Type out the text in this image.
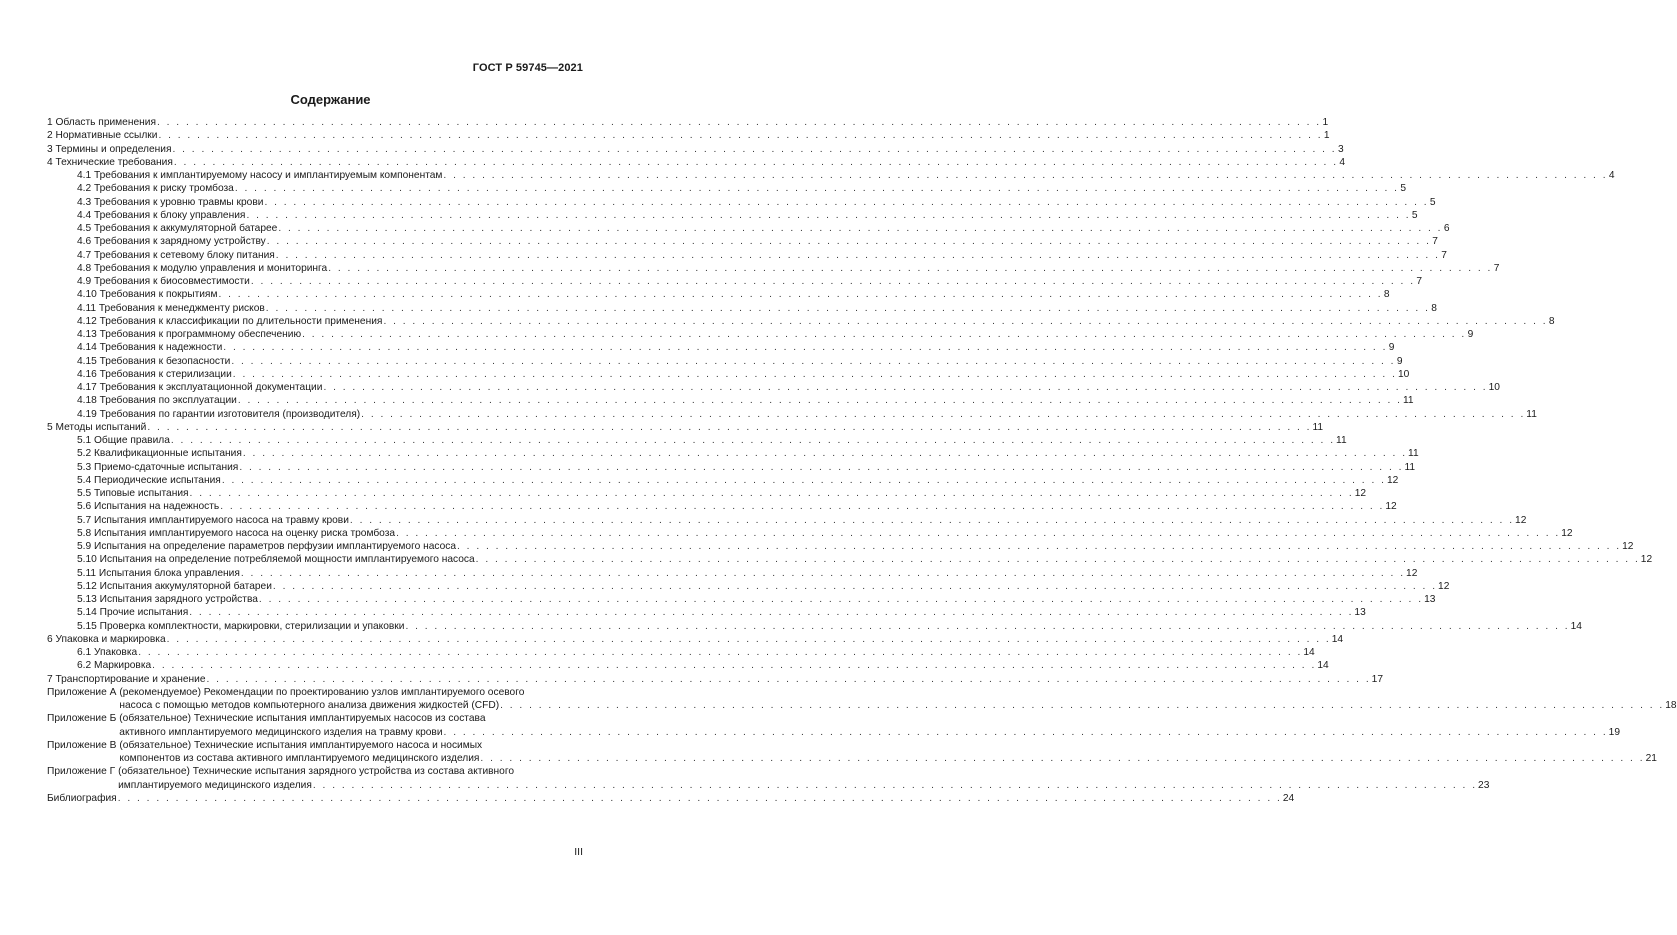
ГОСТ Р 59745—2021
Содержание
1 Область применения . . .	1
2 Нормативные ссылки . . .	1
3 Термины и определения . . .	3
4 Технические требования . . .	4
4.1 Требования к имплантируемому насосу и имплантируемым компонентам . . .	4
4.2 Требования к риску тромбоза . . .	5
4.3 Требования к уровню травмы крови . . .	5
4.4 Требования к блоку управления . . .	5
4.5 Требования к аккумуляторной батарее . . .	6
4.6 Требования к зарядному устройству . . .	7
4.7 Требования к сетевому блоку питания . . .	7
4.8 Требования к модулю управления и мониторинга . . .	7
4.9 Требования к биосовместимости . . .	7
4.10 Требования к покрытиям . . .	8
4.11 Требования к менеджменту рисков . . .	8
4.12 Требования к классификации по длительности применения . . .	8
4.13 Требования к программному обеспечению . . .	9
4.14 Требования к надежности . . .	9
4.15 Требования к безопасности . . .	9
4.16 Требования к стерилизации . . .	10
4.17 Требования к эксплуатационной документации . . .	10
4.18 Требования по эксплуатации . . .	11
4.19 Требования по гарантии изготовителя (производителя) . . .	11
5 Методы испытаний . . .	11
5.1 Общие правила . . .	11
5.2 Квалификационные испытания . . .	11
5.3 Приемо-сдаточные испытания . . .	11
5.4 Периодические испытания . . .	12
5.5 Типовые испытания . . .	12
5.6 Испытания на надежность . . .	12
5.7 Испытания имплантируемого насоса на травму крови . . .	12
5.8 Испытания имплантируемого насоса на оценку риска тромбоза . . .	12
5.9 Испытания на определение параметров перфузии имплантируемого насоса . . .	12
5.10 Испытания на определение потребляемой мощности имплантируемого насоса . . .	12
5.11 Испытания блока управления . . .	12
5.12 Испытания аккумуляторной батареи . . .	12
5.13 Испытания зарядного устройства . . .	13
5.14 Прочие испытания . . .	13
5.15 Проверка комплектности, маркировки, стерилизации и упаковки . . .	14
6 Упаковка и маркировка . . .	14
6.1 Упаковка . . .	14
6.2 Маркировка . . .	14
7 Транспортирование и хранение . . .	17
Приложение А (рекомендуемое) Рекомендации по проектированию узлов имплантируемого осевого
насоса с помощью методов компьютерного анализа движения жидкостей (CFD) . . .	18
Приложение Б (обязательное) Технические испытания имплантируемых насосов из состава
активного имплантируемого медицинского изделия на травму крови . . .	19
Приложение В (обязательное) Технические испытания имплантируемого насоса и носимых
компонентов из состава активного имплантируемого медицинского изделия . . .	21
Приложение Г (обязательное) Технические испытания зарядного устройства из состава активного
имплантируемого медицинского изделия . . .	23
Библиография . . .	24
III
